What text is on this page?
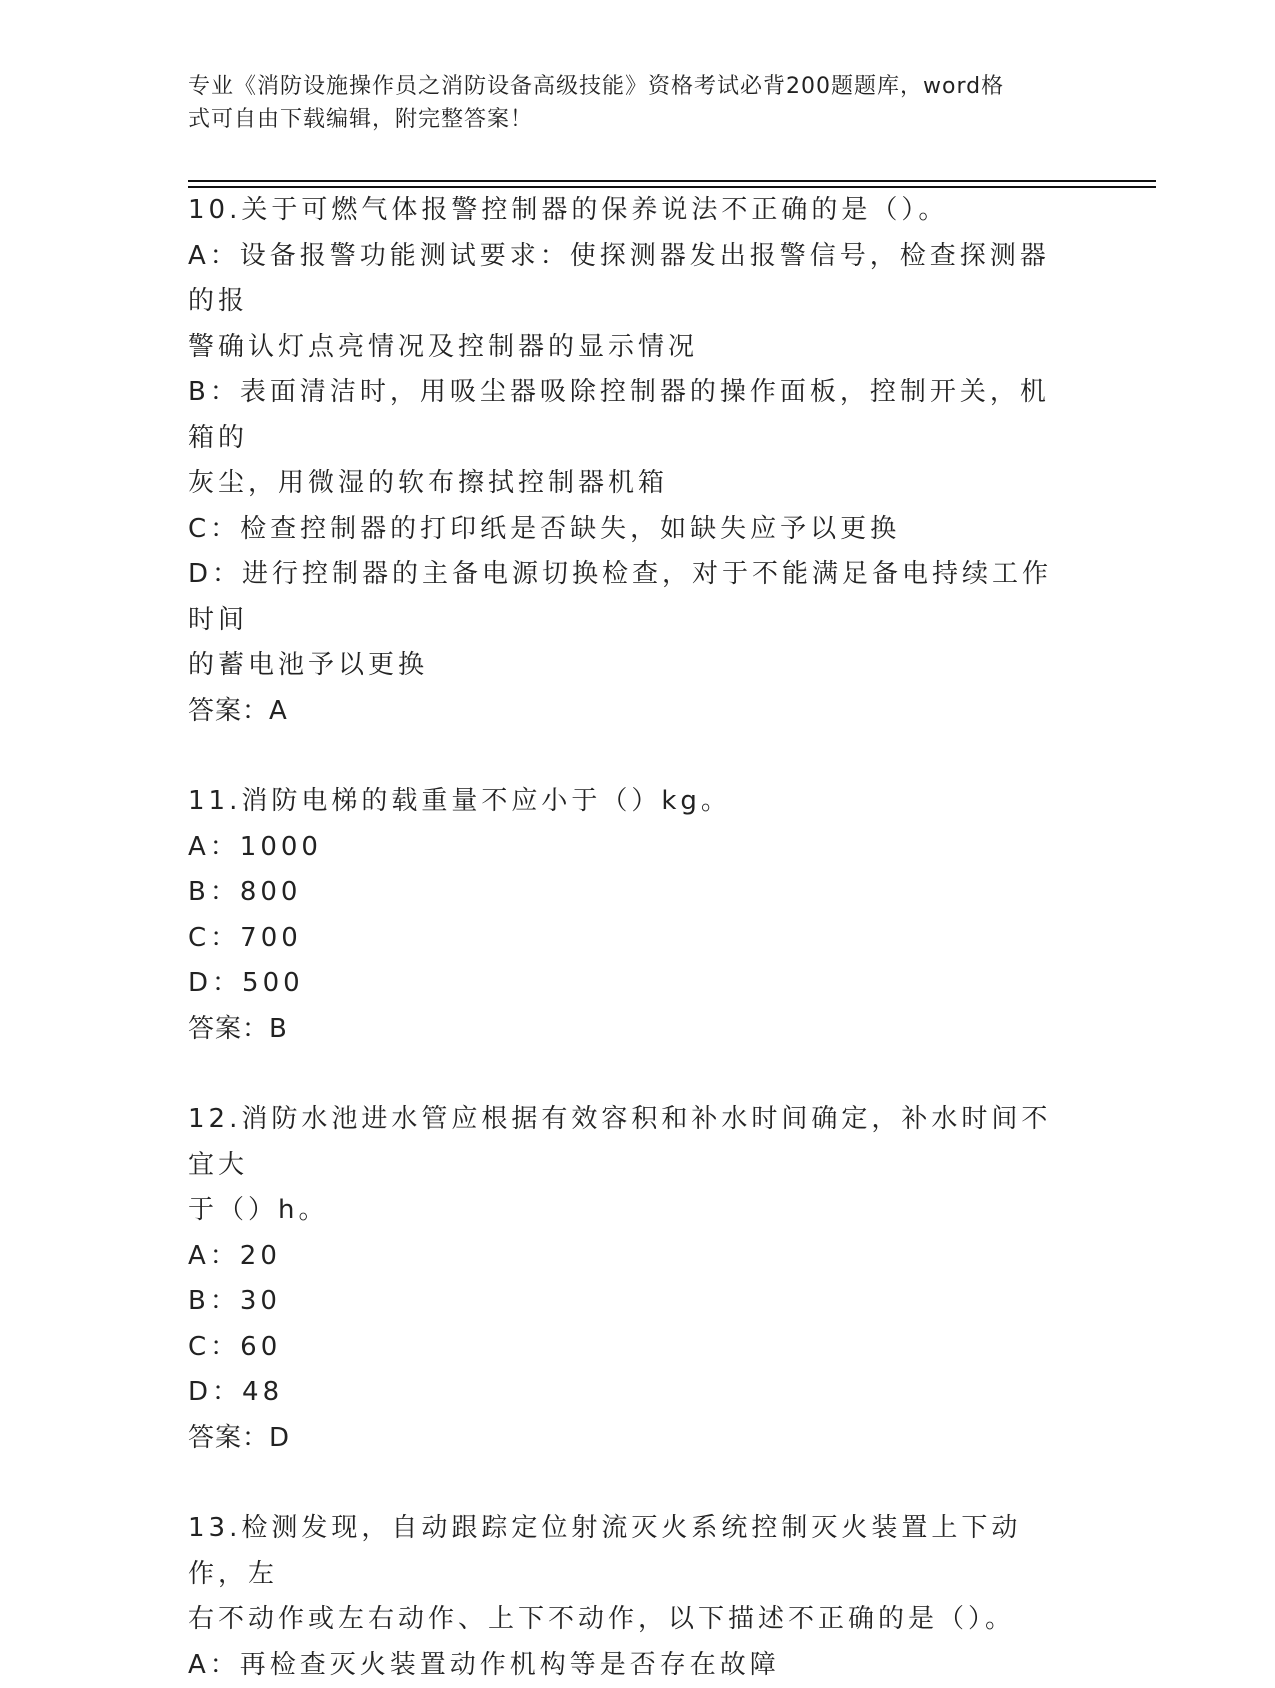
专业《消防设施操作员之消防设备高级技能》资格考试必背200题题库，word格
式可自由下载编辑，附完整答案！
10.关于可燃气体报警控制器的保养说法不正确的是（）。
A：设备报警功能测试要求：使探测器发出报警信号，检查探测器的报
警确认灯点亮情况及控制器的显示情况
B：表面清洁时，用吸尘器吸除控制器的操作面板，控制开关，机箱的
灰尘，用微湿的软布擦拭控制器机箱
C：检查控制器的打印纸是否缺失，如缺失应予以更换
D：进行控制器的主备电源切换检查，对于不能满足备电持续工作时间
的蓄电池予以更换
答案：A
11.消防电梯的载重量不应小于（）kg。
A：1000
B：800
C：700
D：500
答案：B
12.消防水池进水管应根据有效容积和补水时间确定，补水时间不宜大
于（）h。
A：20
B：30
C：60
D：48
答案：D
13.检测发现，自动跟踪定位射流灭火系统控制灭火装置上下动作，左
右不动作或左右动作、上下不动作，以下描述不正确的是（）。
A：再检查灭火装置动作机构等是否存在故障
